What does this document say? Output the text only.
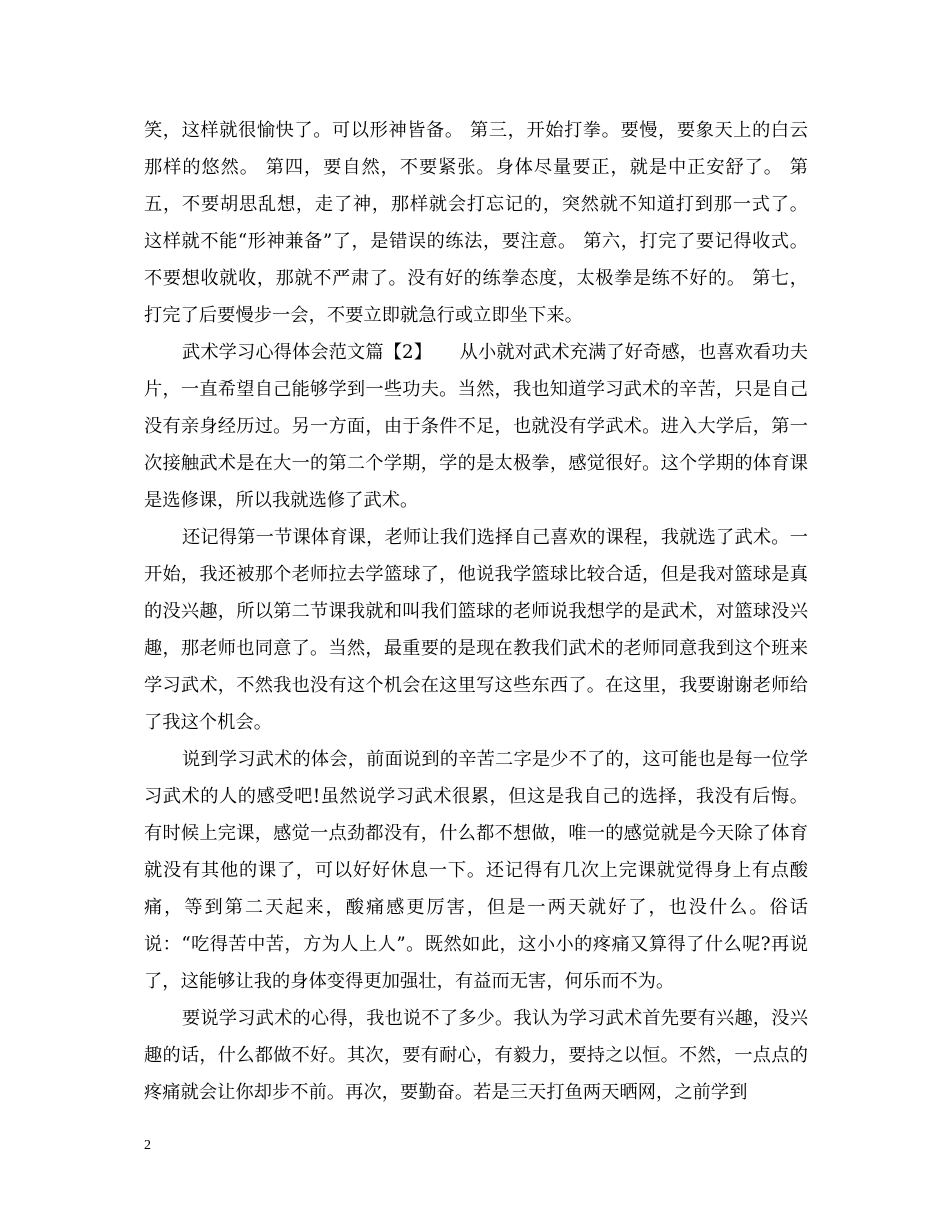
笑，这样就很愉快了。可以形神皆备。 第三，开始打拳。要慢，要象天上的白云那样的悠然。 第四，要自然，不要紧张。身体尽量要正，就是中正安舒了。 第五，不要胡思乱想，走了神，那样就会打忘记的，突然就不知道打到那一式了。 这样就不能“形神兼备”了，是错误的练法，要注意。 第六，打完了要记得收式。不要想收就收，那就不严肃了。没有好的练拳态度，太极拳是练不好的。 第七，打完了后要慢步一会，不要立即就急行或立即坐下来。

武术学习心得体会范文篇【2】　　从小就对武术充满了好奇感，也喜欢看功夫片，一直希望自己能够学到一些功夫。当然，我也知道学习武术的辛苦，只是自己没有亲身经历过。另一方面，由于条件不足，也就没有学武术。进入大学后，第一次接触武术是在大一的第二个学期，学的是太极拳，感觉很好。这个学期的体育课是选修课，所以我就选修了武术。

还记得第一节课体育课，老师让我们选择自己喜欢的课程，我就选了武术。一开始，我还被那个老师拉去学篮球了，他说我学篮球比较合适，但是我对篮球是真的没兴趣，所以第二节课我就和叫我们篮球的老师说我想学的是武术，对篮球没兴趣，那老师也同意了。当然，最重要的是现在教我们武术的老师同意我到这个班来学习武术，不然我也没有这个机会在这里写这些东西了。在这里，我要谢谢老师给了我这个机会。

说到学习武术的体会，前面说到的辛苦二字是少不了的，这可能也是每一位学习武术的人的感受吧!虽然说学习武术很累，但这是我自己的选择，我没有后悔。有时候上完课，感觉一点劲都没有，什么都不想做，唯一的感觉就是今天除了体育就没有其他的课了，可以好好休息一下。还记得有几次上完课就觉得身上有点酸痛，等到第二天起来，酸痛感更厉害，但是一两天就好了，也没什么。俗话说：“吃得苦中苦，方为人上人”。既然如此，这小小的疼痛又算得了什么呢?再说了，这能够让我的身体变得更加强壮，有益而无害，何乐而不为。

要说学习武术的心得，我也说不了多少。我认为学习武术首先要有兴趣，没兴趣的话，什么都做不好。其次，要有耐心，有毅力，要持之以恒。不然，一点点的疼痛就会让你却步不前。再次，要勤奋。若是三天打鱼两天晒网，之前学到

2
